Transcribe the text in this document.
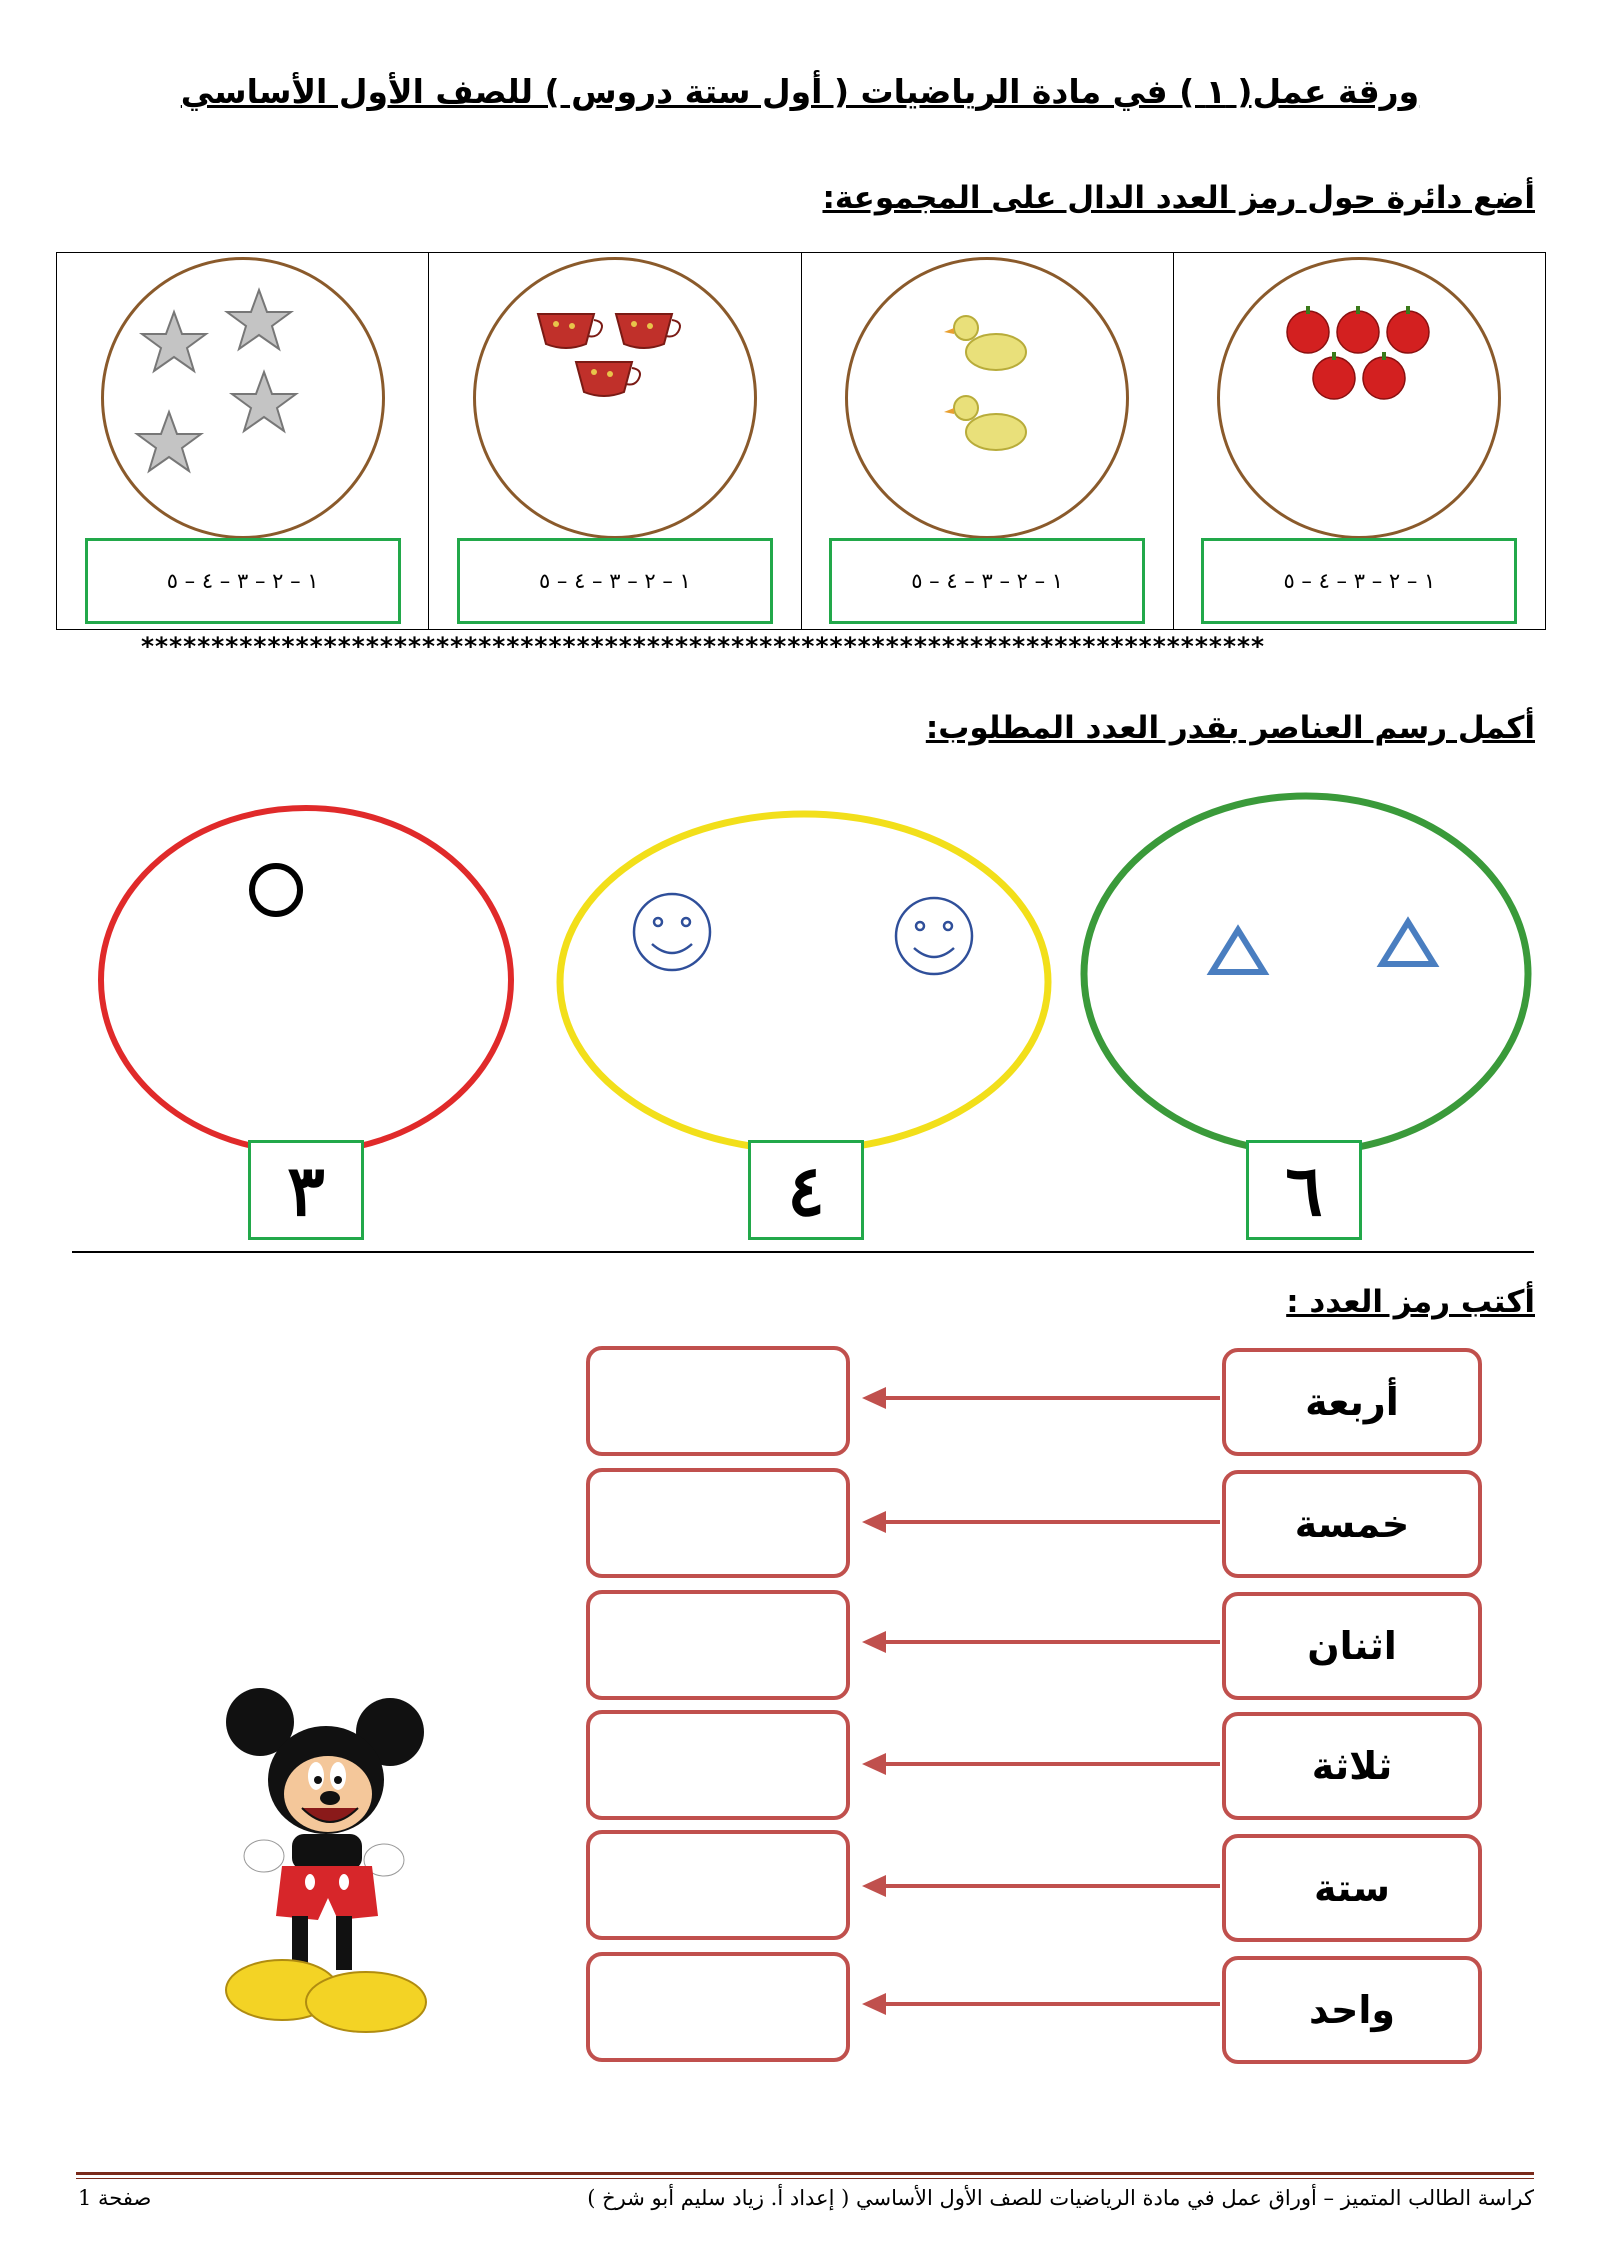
ورقة عمل( ١ ) في مادة الرياضيات ( أول ستة دروس ) للصف الأول الأساسي
أضع دائرة حول رمز العدد الدال على المجموعة:
١ – ٢ – ٣ – ٤ – ٥	١ – ٢ – ٣ – ٤ – ٥	١ – ٢ – ٣ – ٤ – ٥	١ – ٢ – ٣ – ٤ – ٥
********************************************************************************
أكمل رسم العناصر بقدر العدد المطلوب:
٣	٤	٦
أكتب رمز العدد :
أربعة
خمسة
اثنان
ثلاثة
ستة
واحد
كراسة الطالب المتميز – أوراق عمل في مادة الرياضيات للصف الأول الأساسي ( إعداد أ. زياد سليم أبو شرخ )
صفحة 1
